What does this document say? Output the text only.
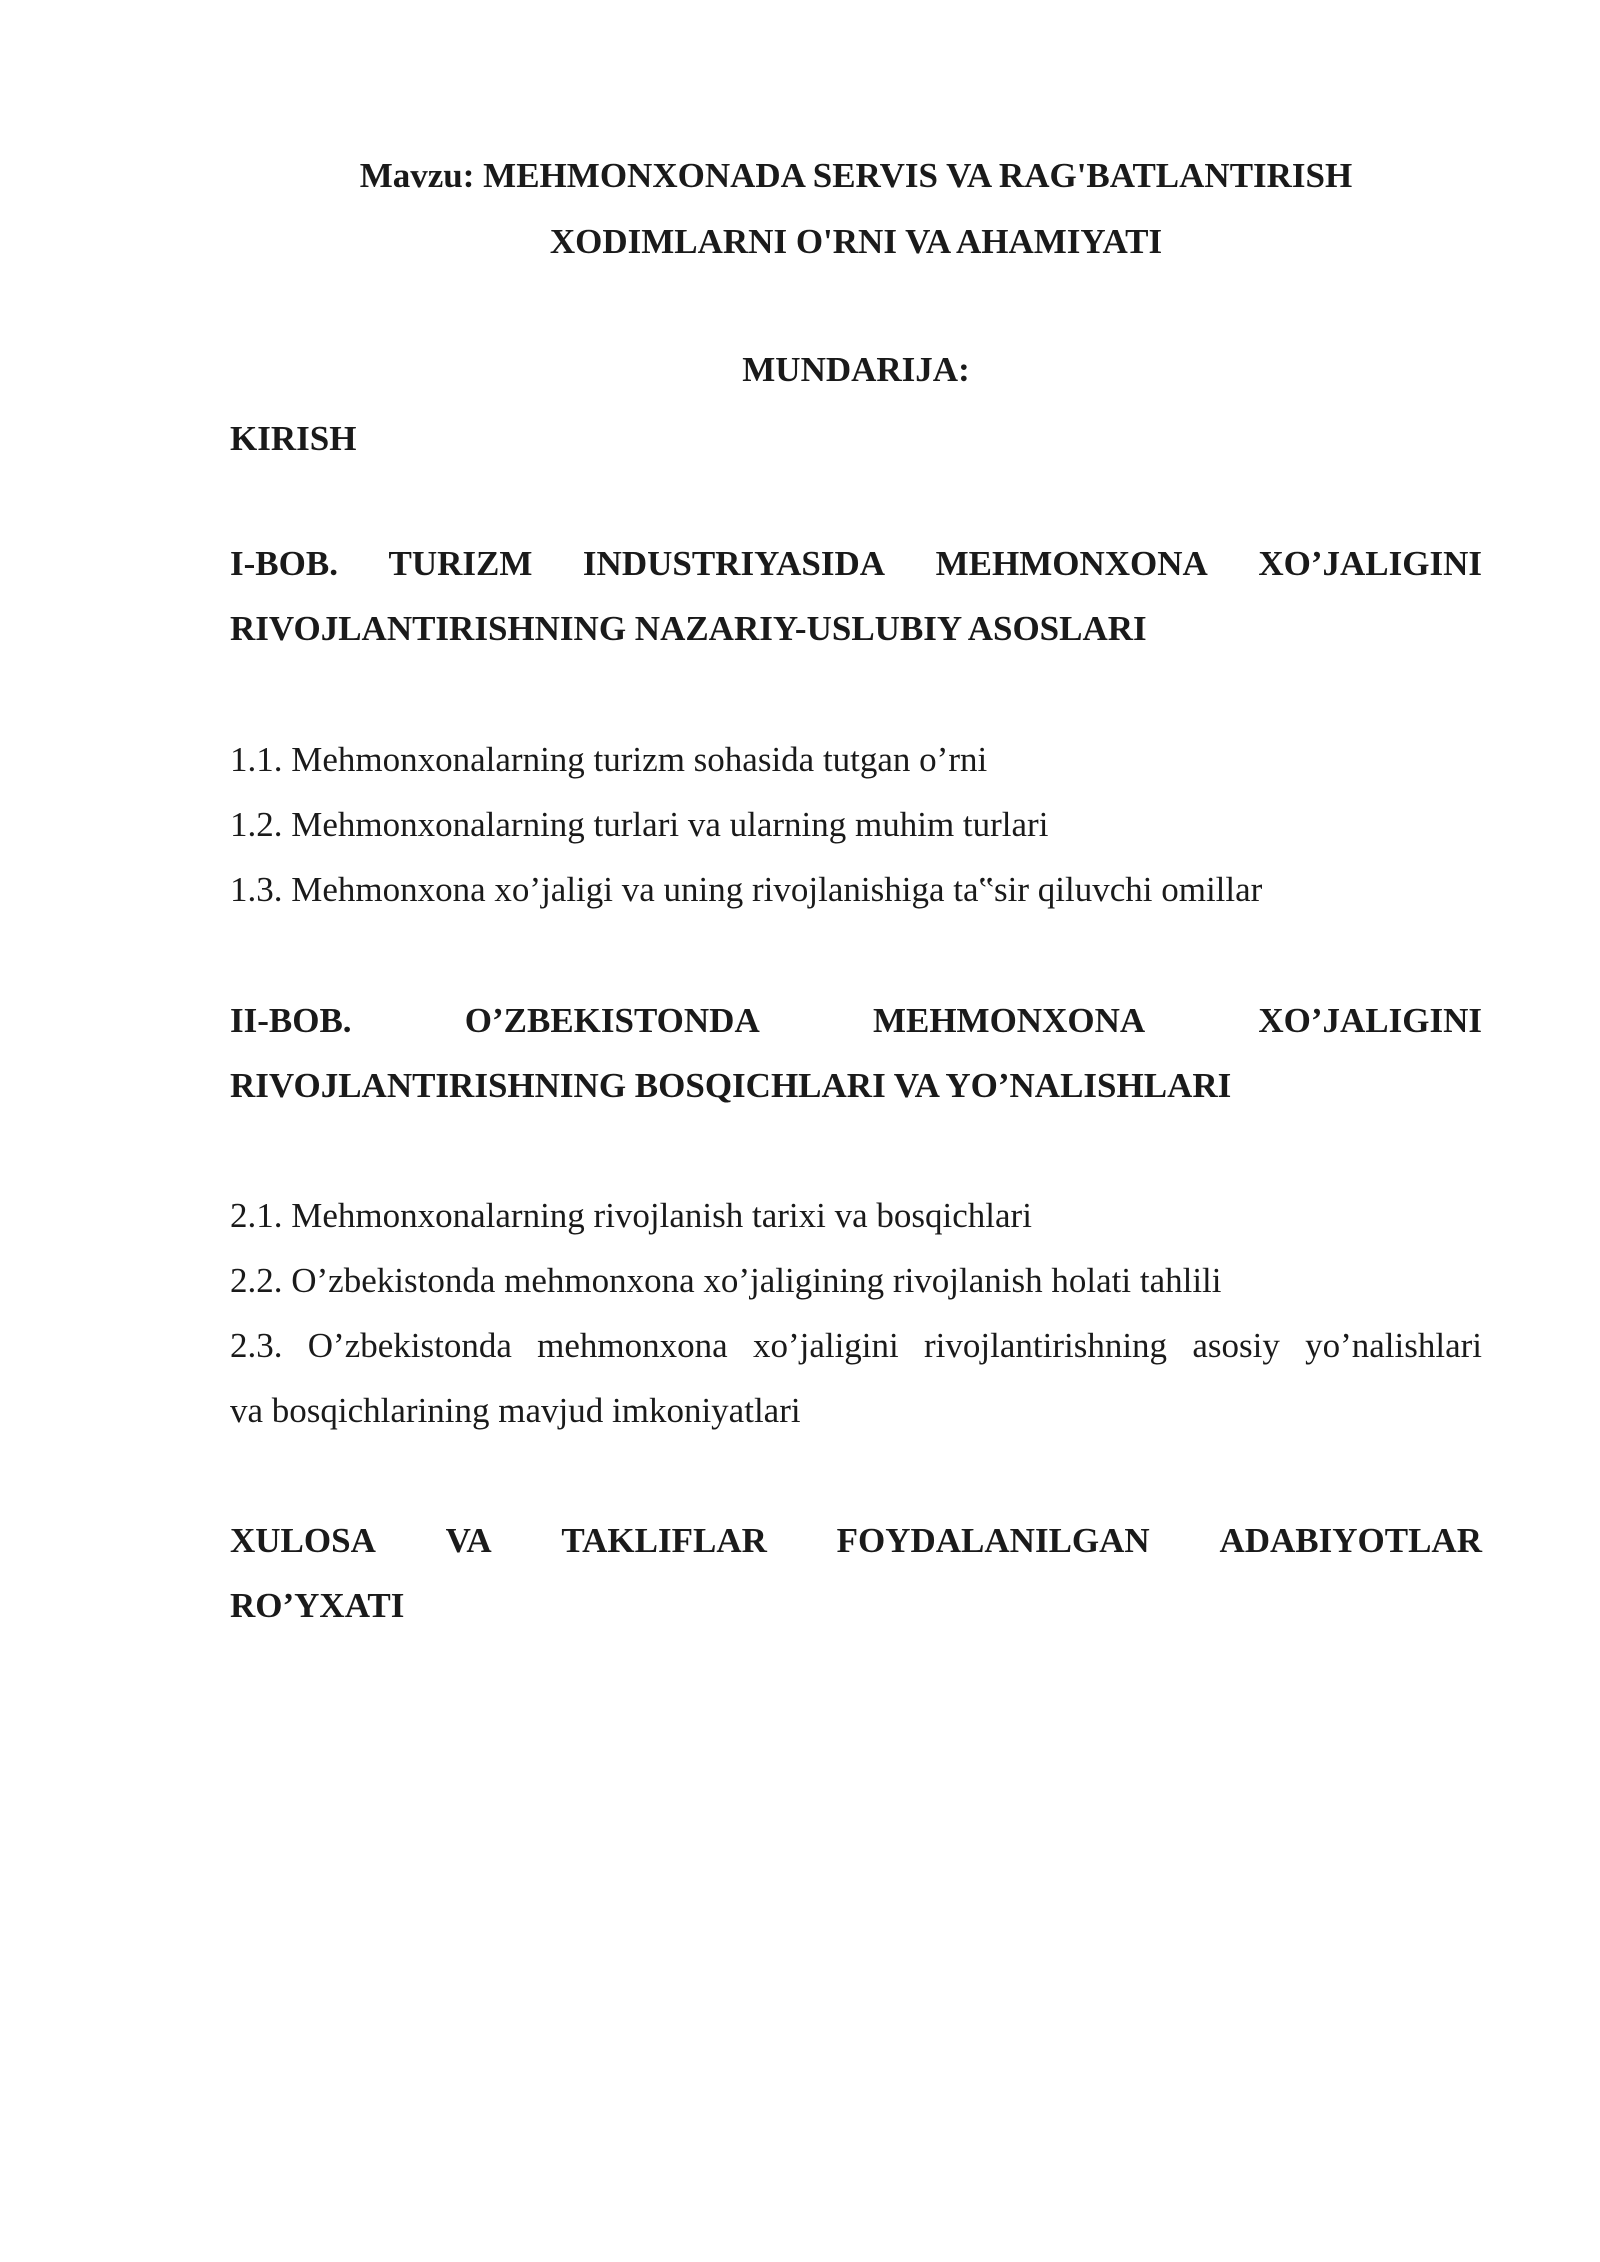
Mavzu: MEHMONXONADA SERVIS VA RAG'BATLANTIRISH

XODIMLARNI O'RNI VA AHAMIYATI

MUNDARIJA:

KIRISH

I-BOB. TURIZM INDUSTRIYASIDA MEHMONXONA XO’JALIGINI
RIVOJLANTIRISHNING NAZARIY-USLUBIY ASOSLARI
1.1. Mehmonxonalarning turizm sohasida tutgan o’rni
1.2. Mehmonxonalarning turlari va ularning muhim turlari
1.3. Mehmonxona xo’jaligi va uning rivojlanishiga ta‟sir qiluvchi omillar
II-BOB.	O’ZBEKISTONDA	MEHMONXONA	XO’JALIGINI
RIVOJLANTIRISHNING BOSQICHLARI VA YO’NALISHLARI
2.1. Mehmonxonalarning rivojlanish tarixi va bosqichlari
2.2. O’zbekistonda mehmonxona xo’jaligining rivojlanish holati tahlili
2.3. O’zbekistonda mehmonxona xo’jaligini rivojlantirishning asosiy yo’nalishlari
va bosqichlarining mavjud imkoniyatlari
XULOSA VA TAKLIFLAR FOYDALANILGAN ADABIYOTLAR
RO’YXATI
